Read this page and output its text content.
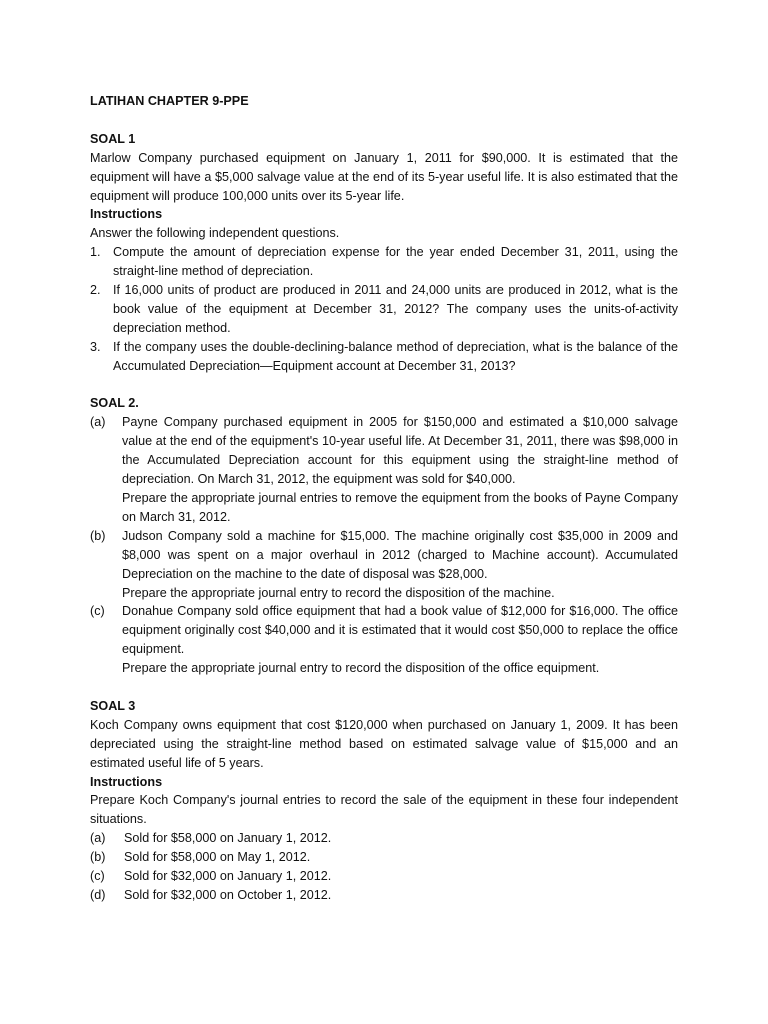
LATIHAN CHAPTER 9-PPE

SOAL 1

Marlow Company purchased equipment on January 1, 2011 for $90,000. It is estimated that the equipment will have a $5,000 salvage value at the end of its 5-year useful life. It is also estimated that the equipment will produce 100,000 units over its 5-year life.

Instructions

Answer the following independent questions.

1. Compute the amount of depreciation expense for the year ended December 31, 2011, using the straight-line method of depreciation.
2. If 16,000 units of product are produced in 2011 and 24,000 units are produced in 2012, what is the book value of the equipment at December 31, 2012? The company uses the units-of-activity depreciation method.
3. If the company uses the double-declining-balance method of depreciation, what is the balance of the Accumulated Depreciation—Equipment account at December 31, 2013?

SOAL 2.

(a)	Payne Company purchased equipment in 2005 for $150,000 and estimated a $10,000 salvage value at the end of the equipment's 10-year useful life. At December 31, 2011, there was $98,000 in the Accumulated Depreciation account for this equipment using the straight-line method of depreciation. On March 31, 2012, the equipment was sold for $40,000.

Prepare the appropriate journal entries to remove the equipment from the books of Payne Company on March 31, 2012.

(b)	Judson Company sold a machine for $15,000. The machine originally cost $35,000 in 2009 and $8,000 was spent on a major overhaul in 2012 (charged to Machine account). Accumulated Depreciation on the machine to the date of disposal was $28,000.

Prepare the appropriate journal entry to record the disposition of the machine.

(c)	Donahue Company sold office equipment that had a book value of $12,000 for $16,000. The office equipment originally cost $40,000 and it is estimated that it would cost $50,000 to replace the office equipment.

Prepare the appropriate journal entry to record the disposition of the office equipment.

SOAL 3

Koch Company owns equipment that cost $120,000 when purchased on January 1, 2009. It has been depreciated using the straight-line method based on estimated salvage value of $15,000 and an estimated useful life of 5 years.

Instructions

Prepare Koch Company's journal entries to record the sale of the equipment in these four independent situations.

(a)	Sold for $58,000 on January 1, 2012.
(b)	Sold for $58,000 on May 1, 2012.
(c)	Sold for $32,000 on January 1, 2012.
(d)	Sold for $32,000 on October 1, 2012.
